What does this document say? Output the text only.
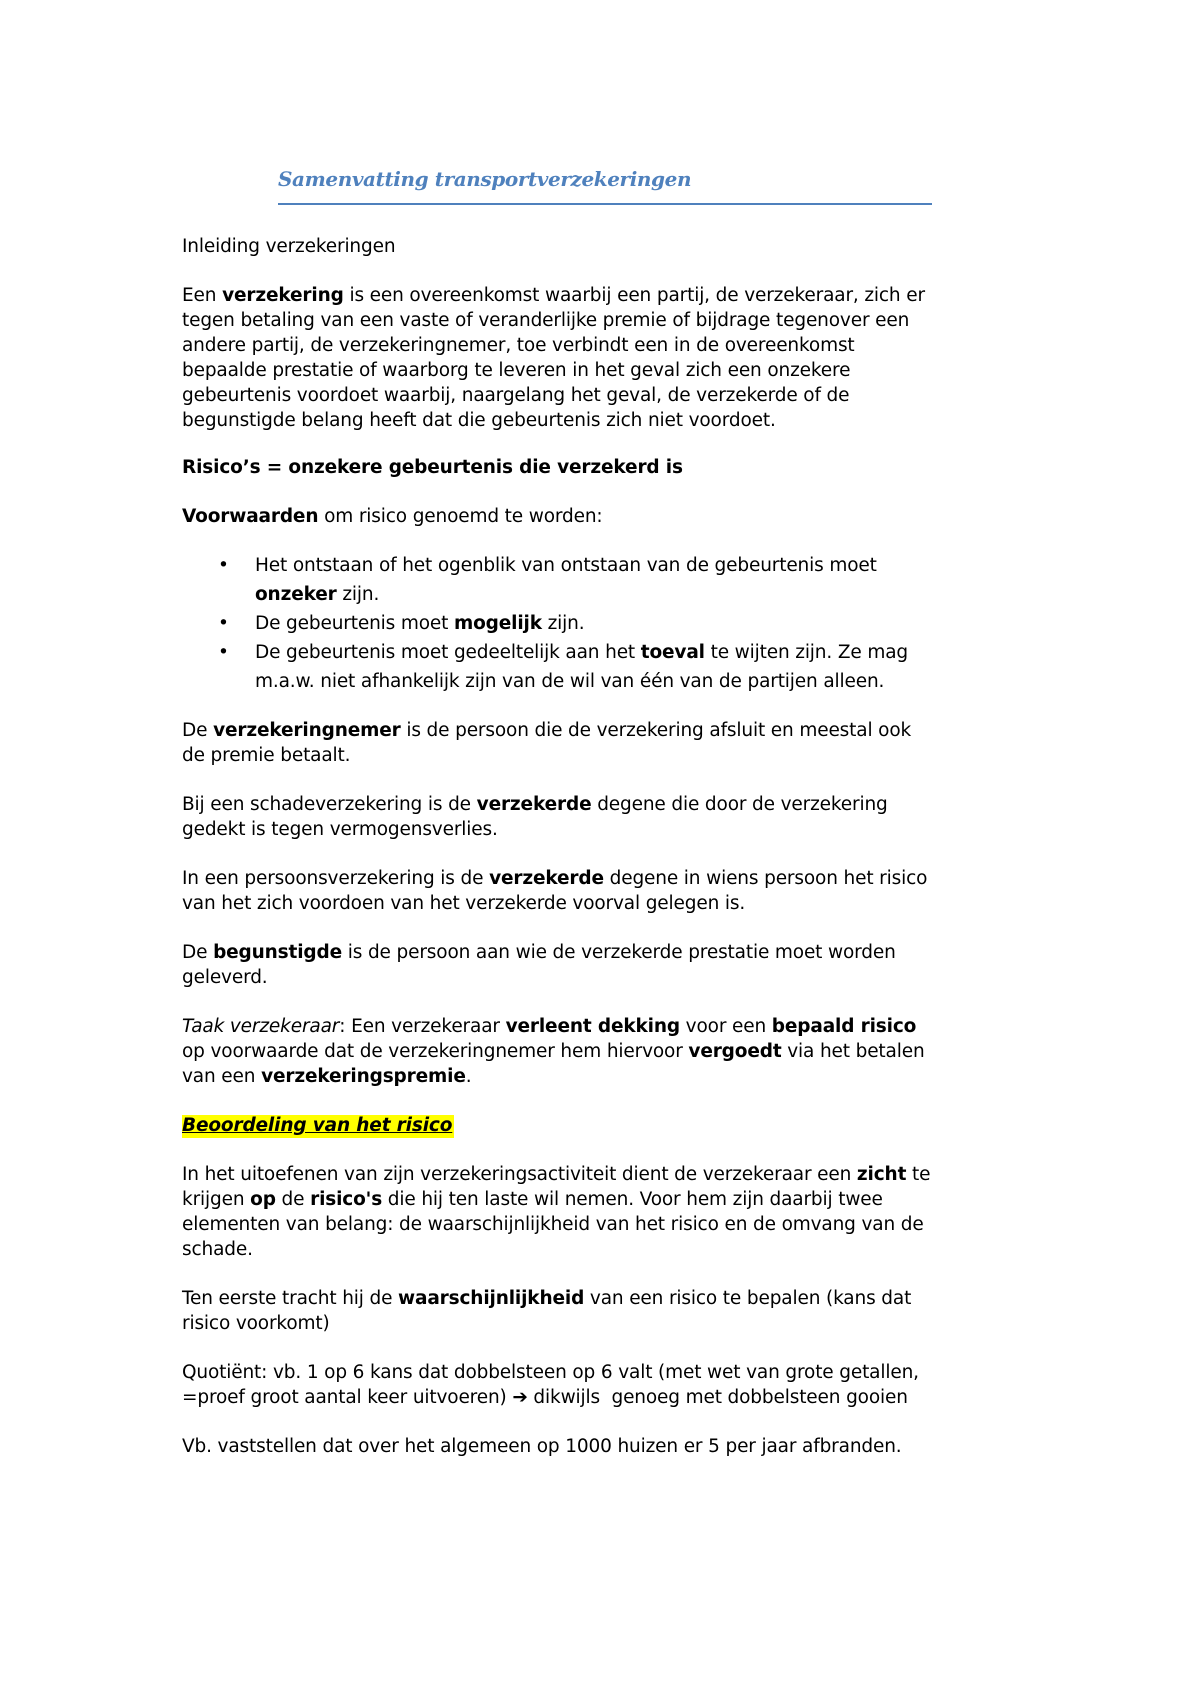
Samenvatting transportverzekeringen

Inleiding verzekeringen

Een verzekering is een overeenkomst waarbij een partij, de verzekeraar, zich er

tegen betaling van een vaste of veranderlijke premie of bijdrage tegenover een

andere partij, de verzekeringnemer, toe verbindt een in de overeenkomst

bepaalde prestatie of waarborg te leveren in het geval zich een onzekere

gebeurtenis voordoet waarbij, naargelang het geval, de verzekerde of de

begunstigde belang heeft dat die gebeurtenis zich niet voordoet.

Risico’s = onzekere gebeurtenis die verzekerd is

Voorwaarden om risico genoemd te worden:

• Het ontstaan of het ogenblik van ontstaan van de gebeurtenis moet

onzeker zijn.

• De gebeurtenis moet mogelijk zijn.

• De gebeurtenis moet gedeeltelijk aan het toeval te wijten zijn. Ze mag

m.a.w. niet afhankelijk zijn van de wil van één van de partijen alleen.

De verzekeringnemer is de persoon die de verzekering afsluit en meestal ook

de premie betaalt.

Bij een schadeverzekering is de verzekerde degene die door de verzekering

gedekt is tegen vermogensverlies.

In een persoonsverzekering is de verzekerde degene in wiens persoon het risico

van het zich voordoen van het verzekerde voorval gelegen is.

De begunstigde is de persoon aan wie de verzekerde prestatie moet worden

geleverd.

Taak verzekeraar: Een verzekeraar verleent dekking voor een bepaald risico

op voorwaarde dat de verzekeringnemer hem hiervoor vergoedt via het betalen

van een verzekeringspremie.

Beoordeling van het risico

In het uitoefenen van zijn verzekeringsactiviteit dient de verzekeraar een zicht te

krijgen op de risico's die hij ten laste wil nemen. Voor hem zijn daarbij twee

elementen van belang: de waarschijnlijkheid van het risico en de omvang van de

schade.

Ten eerste tracht hij de waarschijnlijkheid van een risico te bepalen (kans dat

risico voorkomt)

Quotiënt: vb. 1 op 6 kans dat dobbelsteen op 6 valt (met wet van grote getallen,

=proef groot aantal keer uitvoeren) ➔ dikwijls  genoeg met dobbelsteen gooien

Vb. vaststellen dat over het algemeen op 1000 huizen er 5 per jaar afbranden.
